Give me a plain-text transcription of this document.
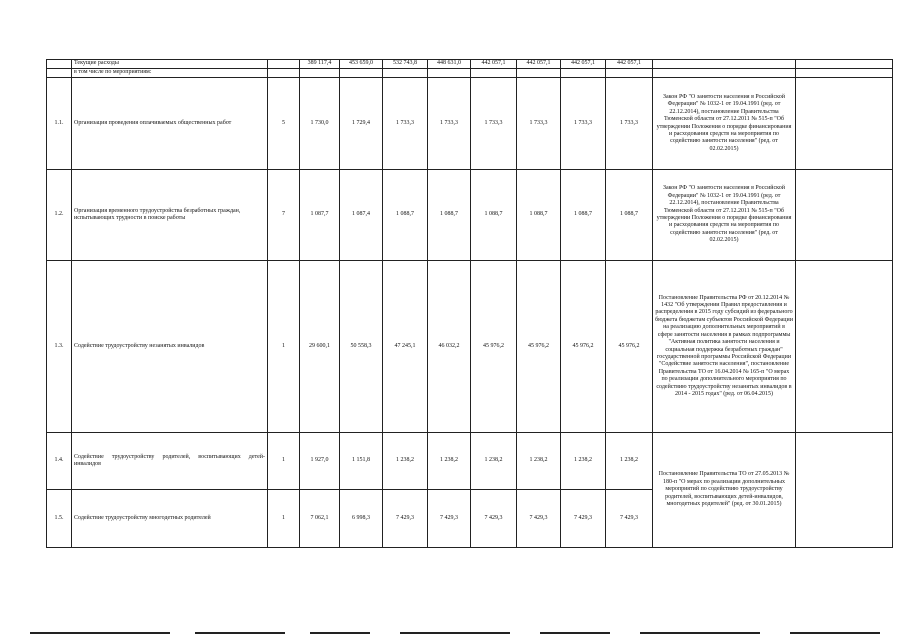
	Текущие расходы		389 117,4	453 659,0	532 743,8	448 631,0	442 057,1	442 057,1	442 057,1	442 057,1		
	в том числе по мероприятиям:											
1.1.	Организация проведения оплачиваемых общественных работ	5	1 730,0	1 729,4	1 733,3	1 733,3	1 733,3	1 733,3	1 733,3	1 733,3	Закон РФ "О занятости населения в Российской Федерации" № 1032-1 от 19.04.1991 (ред. от 22.12.2014), постановление Правительства Тюменской области от 27.12.2011 № 515-п "Об утверждении Положения о порядке финансирования и расходования средств на мероприятия по содействию занятости населения" (ред. от 02.02.2015)	
1.2.	Организация временного трудоустройства безработных граждан, испытывающих трудности в поиске работы	7	1 087,7	1 087,4	1 088,7	1 088,7	1 088,7	1 088,7	1 088,7	1 088,7	Закон РФ "О занятости населения в Российской Федерации" № 1032-1 от 19.04.1991 (ред. от 22.12.2014), постановление Правительства Тюменской области от 27.12.2011 № 515-п "Об утверждении Положения о порядке финансирования и расходования средств на мероприятия по содействию занятости населения" (ред. от 02.02.2015)	
1.3.	Содействие трудоустройству незанятых инвалидов	1	29 600,1	50 558,3	47 245,1	46 032,2	45 976,2	45 976,2	45 976,2	45 976,2	Постановление Правительства РФ от 20.12.2014 № 1432 "Об утверждении Правил предоставления и распределения в 2015 году субсидий из федерального бюджета бюджетам субъектов Российской Федерации на реализацию дополнительных мероприятий в сфере занятости населения в рамках подпрограммы "Активная политика занятости населения и социальная поддержка безработных граждан" государственной программы Российской Федерации "Содействие занятости населения", постановление Правительства ТО от 16.04.2014 № 165-п "О мерах по реализации дополнительного мероприятия по содействию трудоустройству незанятых инвалидов в 2014 - 2015 годах" (ред. от 06.04.2015)	
1.4.	Содействие трудоустройству родителей, воспитывающих детей-инвалидов	1	1 927,0	1 151,8	1 238,2	1 238,2	1 238,2	1 238,2	1 238,2	1 238,2	Постановление Правительства ТО от 27.05.2013 № 180-п "О мерах по реализации дополнительных мероприятий по содействию трудоустройству родителей, воспитывающих детей-инвалидов, многодетных родителей" (ред. от 30.01.2015)	
1.5.	Содействие трудоустройству многодетных родителей	1	7 062,1	6 998,3	7 429,3	7 429,3	7 429,3	7 429,3	7 429,3	7 429,3		
